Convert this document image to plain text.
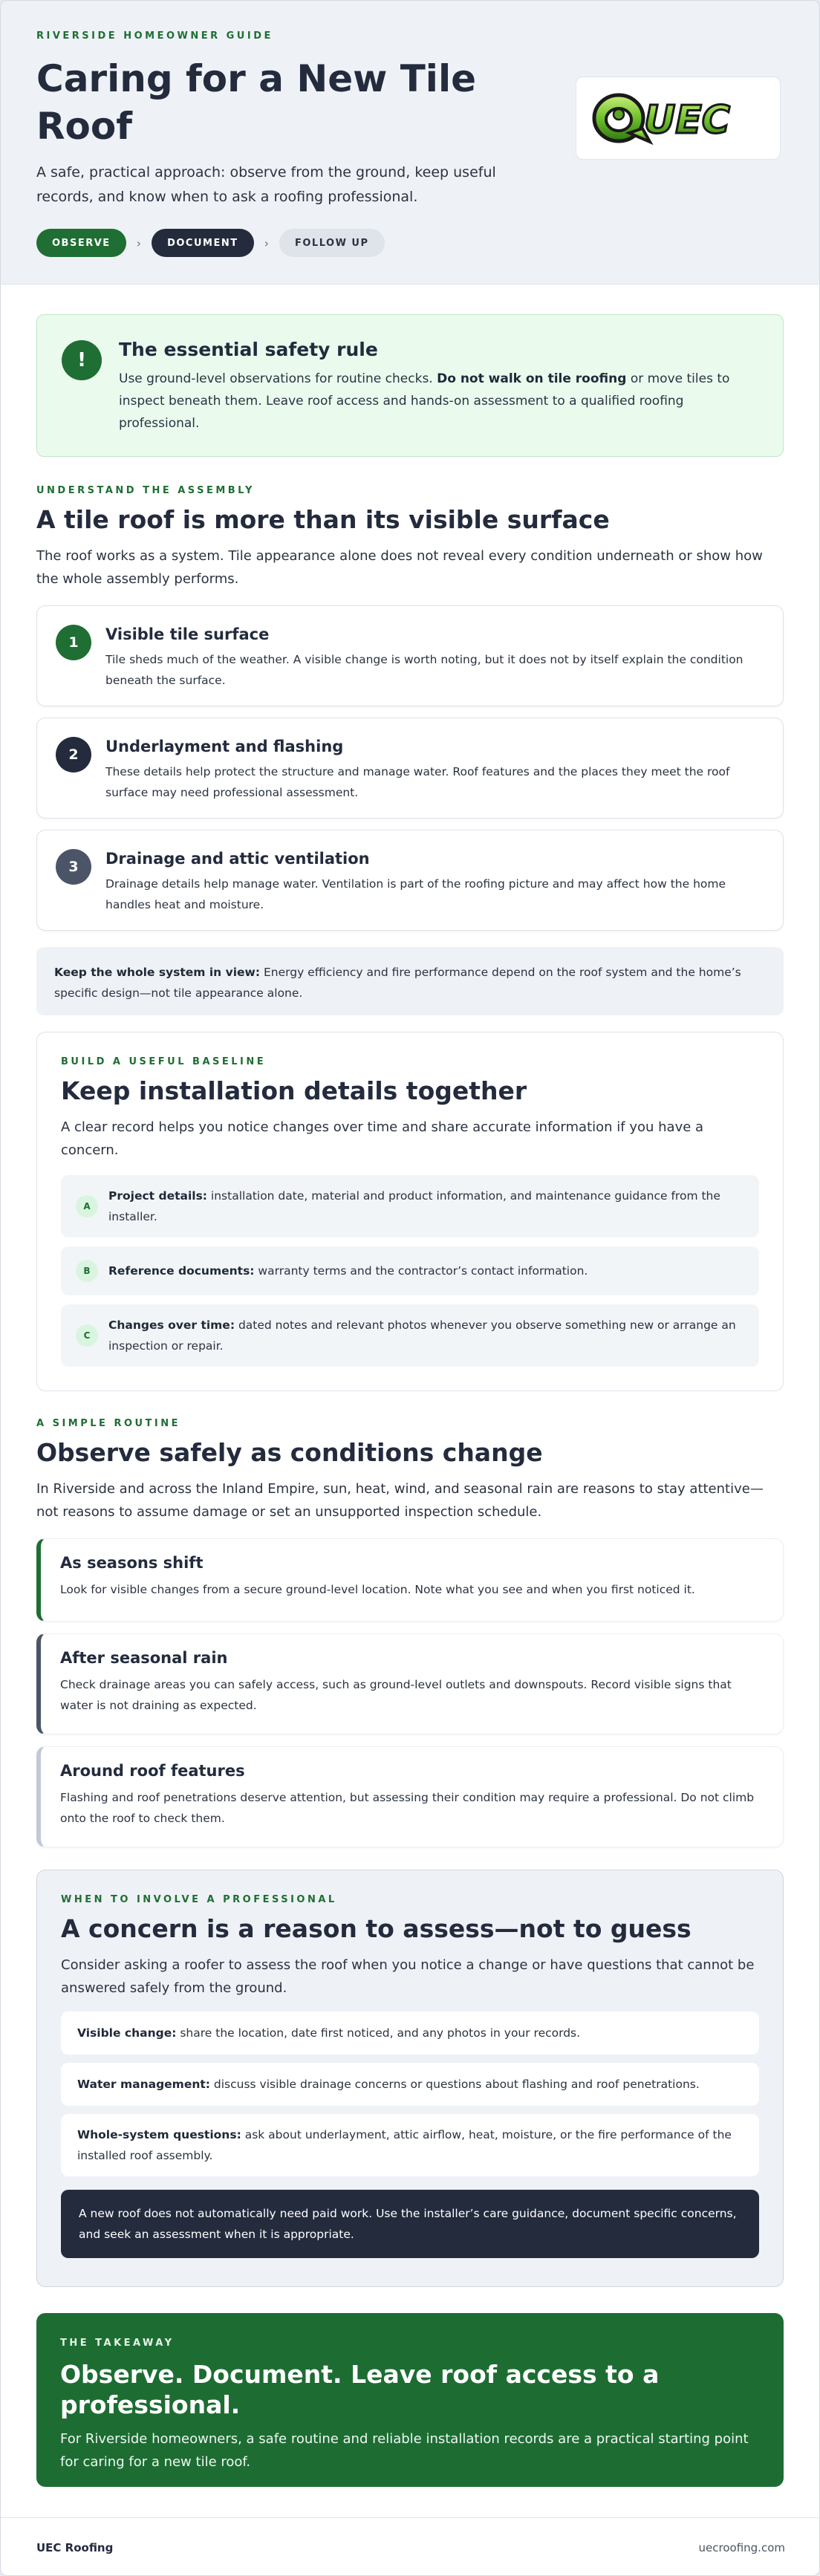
RIVERSIDE HOMEOWNER GUIDE
Caring for a New Tile Roof

A safe, practical approach: observe from the ground, keep useful records, and know when to ask a roofing professional.

OBSERVE	›	DOCUMENT	›	FOLLOW UP
UEC
!	The essential safety rule

Use ground-level observations for routine checks. Do not walk on tile roofing or move tiles to inspect beneath them. Leave roof access and hands-on assessment to a qualified roofing professional.

UNDERSTAND THE ASSEMBLY
A tile roof is more than its visible surface

The roof works as a system. Tile appearance alone does not reveal every condition underneath or show how the whole assembly performs.

1	Visible tile surface

Tile sheds much of the weather. A visible change is worth noting, but it does not by itself explain the condition beneath the surface.

2	Underlayment and flashing

These details help protect the structure and manage water. Roof features and the places they meet the roof surface may need professional assessment.

3	Drainage and attic ventilation

Drainage details help manage water. Ventilation is part of the roofing picture and may affect how the home handles heat and moisture.

Keep the whole system in view: Energy efficiency and fire performance depend on the roof system and the home’s specific design—not tile appearance alone.
BUILD A USEFUL BASELINE
Keep installation details together

A clear record helps you notice changes over time and share accurate information if you have a concern.

A

Project details: installation date, material and product information, and maintenance guidance from the installer.

B	Reference documents: warranty terms and the contractor’s contact information.

C

Changes over time: dated notes and relevant photos whenever you observe something new or arrange an inspection or repair.

A SIMPLE ROUTINE
Observe safely as conditions change

In Riverside and across the Inland Empire, sun, heat, wind, and seasonal rain are reasons to stay attentive—not reasons to assume damage or set an unsupported inspection schedule.

As seasons shift

Look for visible changes from a secure ground-level location. Note what you see and when you first noticed it.

After seasonal rain

Check drainage areas you can safely access, such as ground-level outlets and downspouts. Record visible signs that water is not draining as expected.

Around roof features

Flashing and roof penetrations deserve attention, but assessing their condition may require a professional. Do not climb onto the roof to check them.

WHEN TO INVOLVE A PROFESSIONAL
A concern is a reason to assess—not to guess

Consider asking a roofer to assess the roof when you notice a change or have questions that cannot be answered safely from the ground.

Visible change: share the location, date first noticed, and any photos in your records.

Water management: discuss visible drainage concerns or questions about flashing and roof penetrations.

Whole-system questions: ask about underlayment, attic airflow, heat, moisture, or the fire performance of the installed roof assembly.

A new roof does not automatically need paid work. Use the installer’s care guidance, document specific concerns, and seek an assessment when it is appropriate.
THE TAKEAWAY
Observe. Document. Leave roof access to a professional.

For Riverside homeowners, a safe routine and reliable installation records are a practical starting point for caring for a new tile roof.

UEC Roofing	uecroofing.com
